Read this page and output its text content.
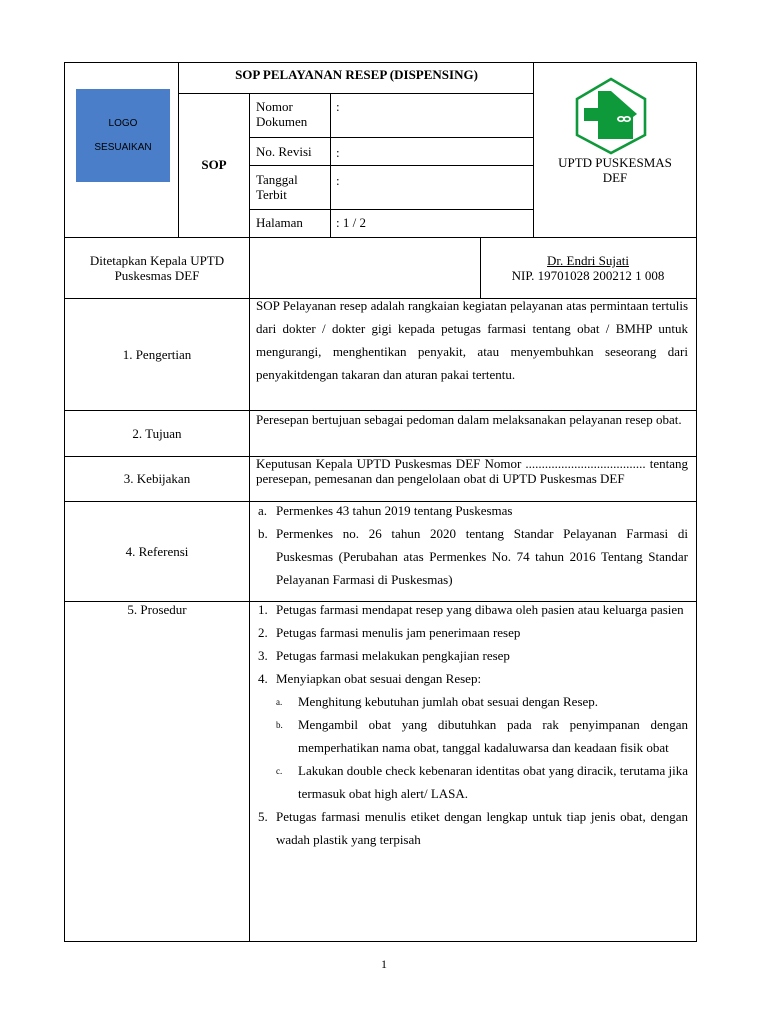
LOGO
SESUAIKAN
SOP PELAYANAN RESEP (DISPENSING)
SOP
Nomor Dokumen
:
No. Revisi :
Tanggal Terbit
:
Halaman	: 1 / 2
UPTD PUSKESMAS
DEF
Ditetapkan Kepala UPTD
Puskesmas DEF
Dr. Endri Sujati
NIP. 19701028 200212 1 008
1. Pengertian
SOP Pelayanan resep adalah rangkaian kegiatan pelayanan atas permintaan tertulis dari dokter / dokter gigi kepada petugas farmasi tentang obat / BMHP untuk mengurangi, menghentikan penyakit, atau menyembuhkan seseorang dari penyakitdengan takaran dan aturan pakai tertentu.
2. Tujuan
Peresepan bertujuan sebagai pedoman dalam melaksanakan pelayanan resep obat.
3. Kebijakan
Keputusan Kepala UPTD Puskesmas DEF Nomor ..................................... tentang peresepan, pemesanan dan pengelolaan obat di UPTD Puskesmas DEF
4. Referensi
a. Permenkes 43 tahun 2019 tentang Puskesmas
b. Permenkes no. 26 tahun 2020 tentang Standar Pelayanan Farmasi di Puskesmas (Perubahan atas Permenkes No. 74 tahun 2016 Tentang Standar Pelayanan Farmasi di Puskesmas)
5. Prosedur	1. Petugas farmasi mendapat resep yang dibawa oleh pasien atau keluarga pasien
2. Petugas farmasi menulis jam penerimaan resep
3. Petugas farmasi melakukan pengkajian resep
4. Menyiapkan obat sesuai dengan Resep:
a. Menghitung kebutuhan jumlah obat sesuai dengan Resep.
b. Mengambil obat yang dibutuhkan pada rak penyimpanan dengan memperhatikan nama obat, tanggal kadaluwarsa dan keadaan fisik obat
c. Lakukan double check kebenaran identitas obat yang diracik, terutama jika termasuk obat high alert/ LASA.
5. Petugas farmasi menulis etiket dengan lengkap untuk tiap jenis obat, dengan wadah plastik yang terpisah
1
